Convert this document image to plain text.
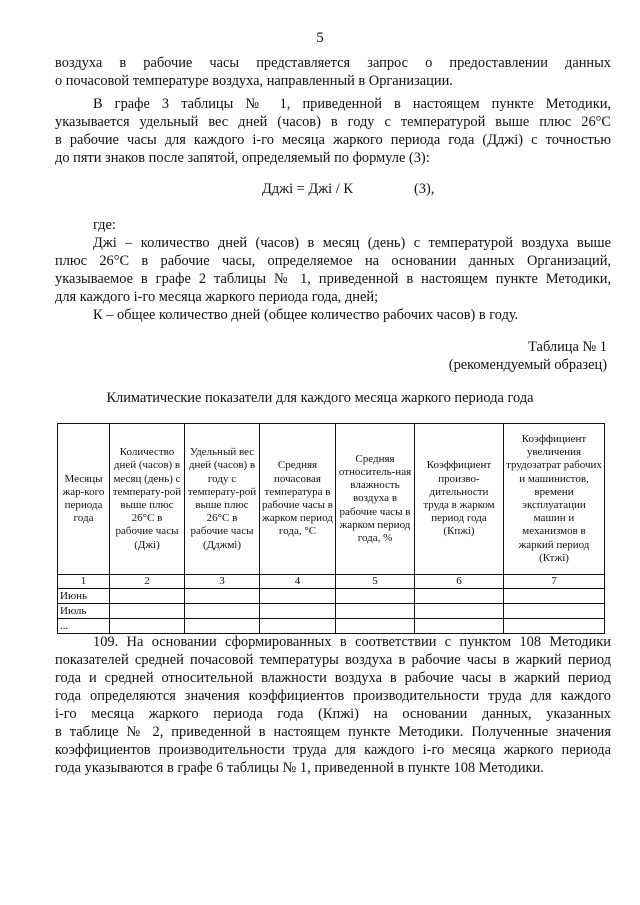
5
воздуха в рабочие часы представляется запрос о предоставлении данных
о почасовой температуре воздуха, направленный в Организации.
В графе 3 таблицы № 1, приведенной в настоящем пункте Методики,
указывается удельный вес дней (часов) в году с температурой выше плюс 26°С
в рабочие часы для каждого i-го месяца жаркого периода года (Дджі) с точностью
до пяти знаков после запятой, определяемый по формуле (3):
Дджі = Джі / К	(3),
где:
Джі – количество дней (часов) в месяц (день) с температурой воздуха выше
плюс 26°С в рабочие часы, определяемое на основании данных Организаций,
указываемое в графе 2 таблицы № 1, приведенной в настоящем пункте Методики,
для каждого i-го месяца жаркого периода года, дней;
К – общее количество дней (общее количество рабочих часов) в году.
Таблица № 1
(рекомендуемый образец)
Климатические показатели для каждого месяца жаркого периода года
Месяцы жар-кого периода года	Количество дней (часов) в месяц (день) с температу-рой выше плюс 26°С в рабочие часы (Джі)	Удельный вес дней (часов) в году с температу-рой выше плюс 26°С в рабочие часы (Дджмі)	Средняя почасовая температура в рабочие часы в жарком период года, °С	Средняя относитель-ная влажность воздуха в рабочие часы в жарком период года, %	Коэффициент произво-дительности труда в жарком период года (Кпжі)	Коэффициент увеличения трудозатрат рабочих и машинистов, времени эксплуатации машин и механизмов в жаркий период (Ктжі)
1	2	3	4	5	6	7
Июнь						
Июль						
...						
109. На основании сформированных в соответствии с пунктом 108 Методики
показателей средней почасовой температуры воздуха в рабочие часы в жаркий период
года и средней относительной влажности воздуха в рабочие часы в жаркий период
года определяются значения коэффициентов производительности труда для каждого
i-го месяца жаркого периода года (Кпжі) на основании данных, указанных
в таблице № 2, приведенной в настоящем пункте Методики. Полученные значения
коэффициентов производительности труда для каждого i-го месяца жаркого периода
года указываются в графе 6 таблицы № 1, приведенной в пункте 108 Методики.
